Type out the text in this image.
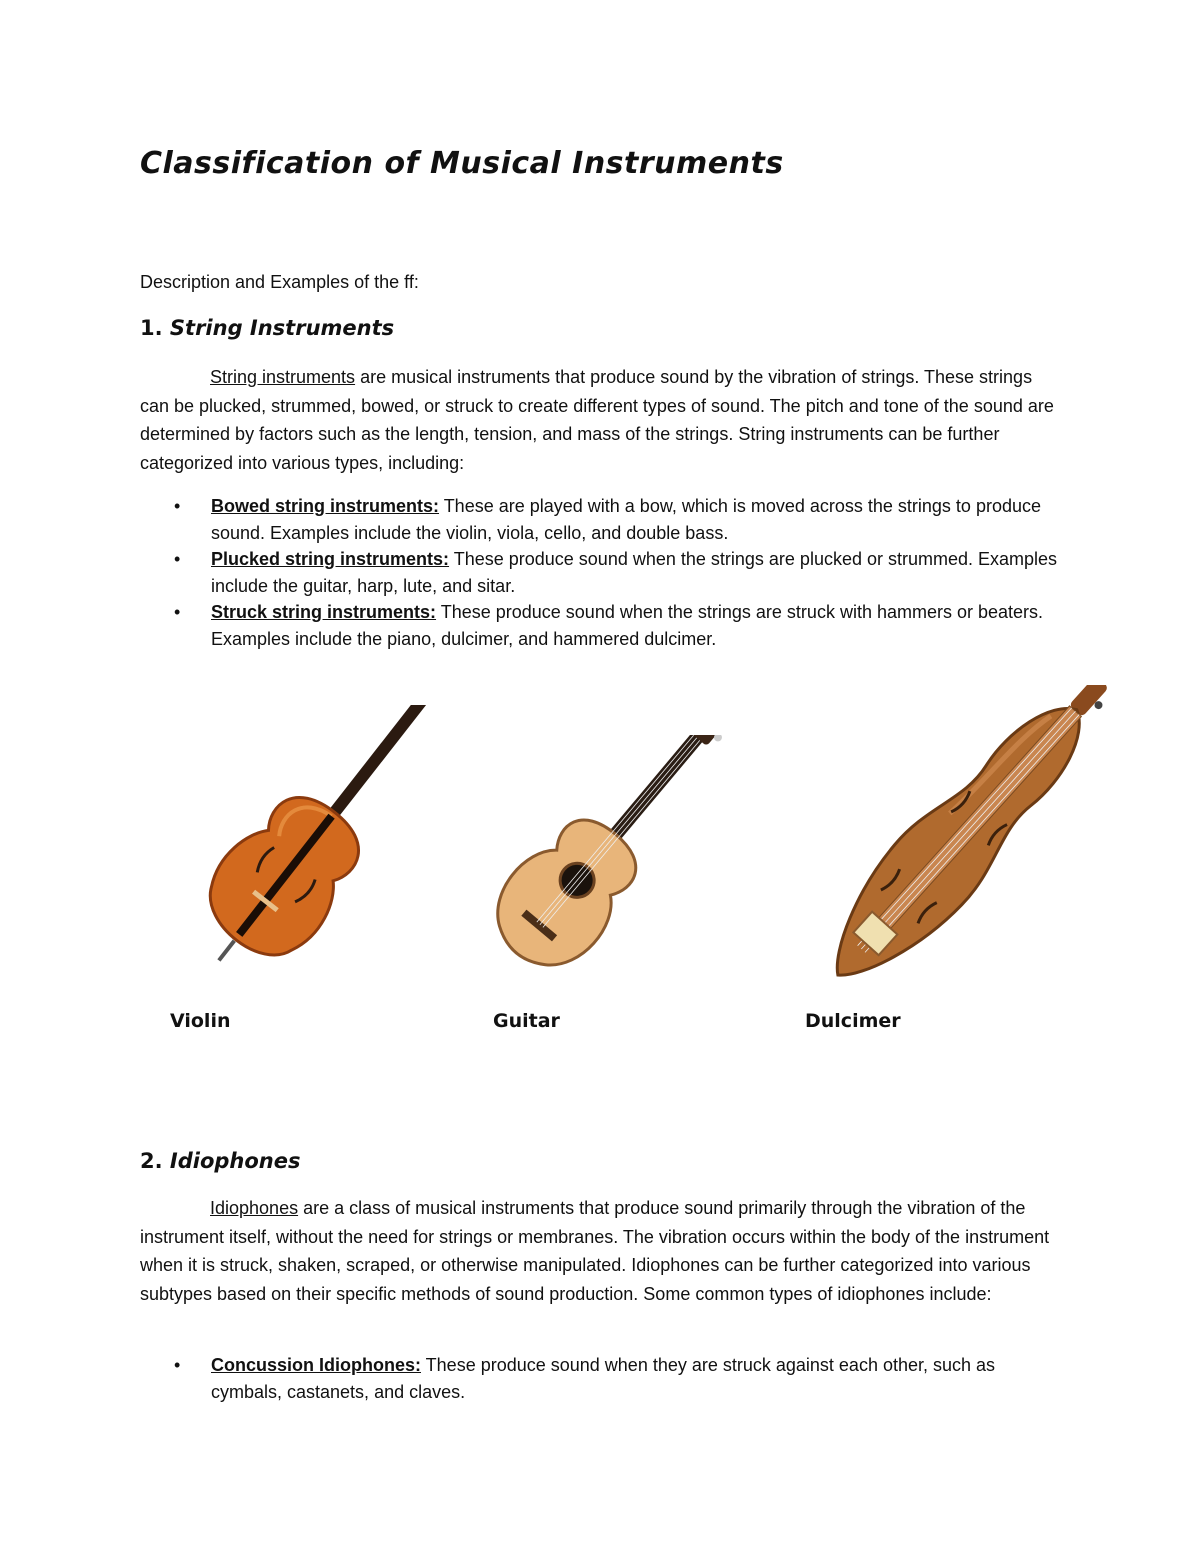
Classification of Musical Instruments
Description and Examples of the ff:
1. String Instruments
String instruments are musical instruments that produce sound by the vibration of strings. These strings can be plucked, strummed, bowed, or struck to create different types of sound. The pitch and tone of the sound are determined by factors such as the length, tension, and mass of the strings. String instruments can be further categorized into various types, including:
• Bowed string instruments: These are played with a bow, which is moved across the strings to produce sound. Examples include the violin, viola, cello, and double bass.
• Plucked string instruments: These produce sound when the strings are plucked or strummed. Examples include the guitar, harp, lute, and sitar.
• Struck string instruments: These produce sound when the strings are struck with hammers or beaters. Examples include the piano, dulcimer, and hammered dulcimer.
Violin	Guitar	Dulcimer
2. Idiophones
Idiophones are a class of musical instruments that produce sound primarily through the vibration of the instrument itself, without the need for strings or membranes. The vibration occurs within the body of the instrument when it is struck, shaken, scraped, or otherwise manipulated. Idiophones can be further categorized into various subtypes based on their specific methods of sound production. Some common types of idiophones include:
• Concussion Idiophones: These produce sound when they are struck against each other, such as cymbals, castanets, and claves.
